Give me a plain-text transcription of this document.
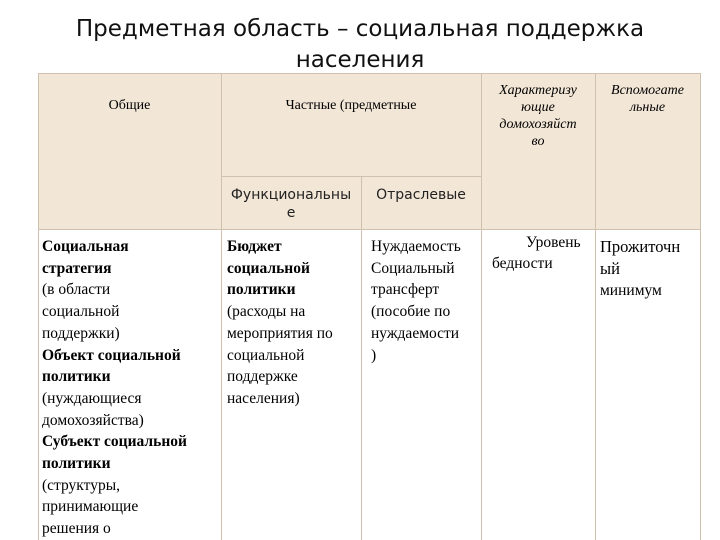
Предметная область – социальная поддержка
населения
Общие	Частные (предметные
Характеризу
ющие
домохозяйст
во
Вспомогате
льные
Функциональны
е
Отраслевые
Социальная
стратегия
(в области
социальной
поддержки)
Объект социальной
политики
(нуждающиеся
домохозяйства)
Субъект социальной
политики
(структуры,
принимающие
решения о
Бюджет
социальной
политики
(расходы на
мероприятия по
социальной
поддержке
населения)
Нуждаемость
Социальный
трансферт
(пособие по
нуждаемости
)
Уровень
бедности
Прожиточн
ый
минимум
